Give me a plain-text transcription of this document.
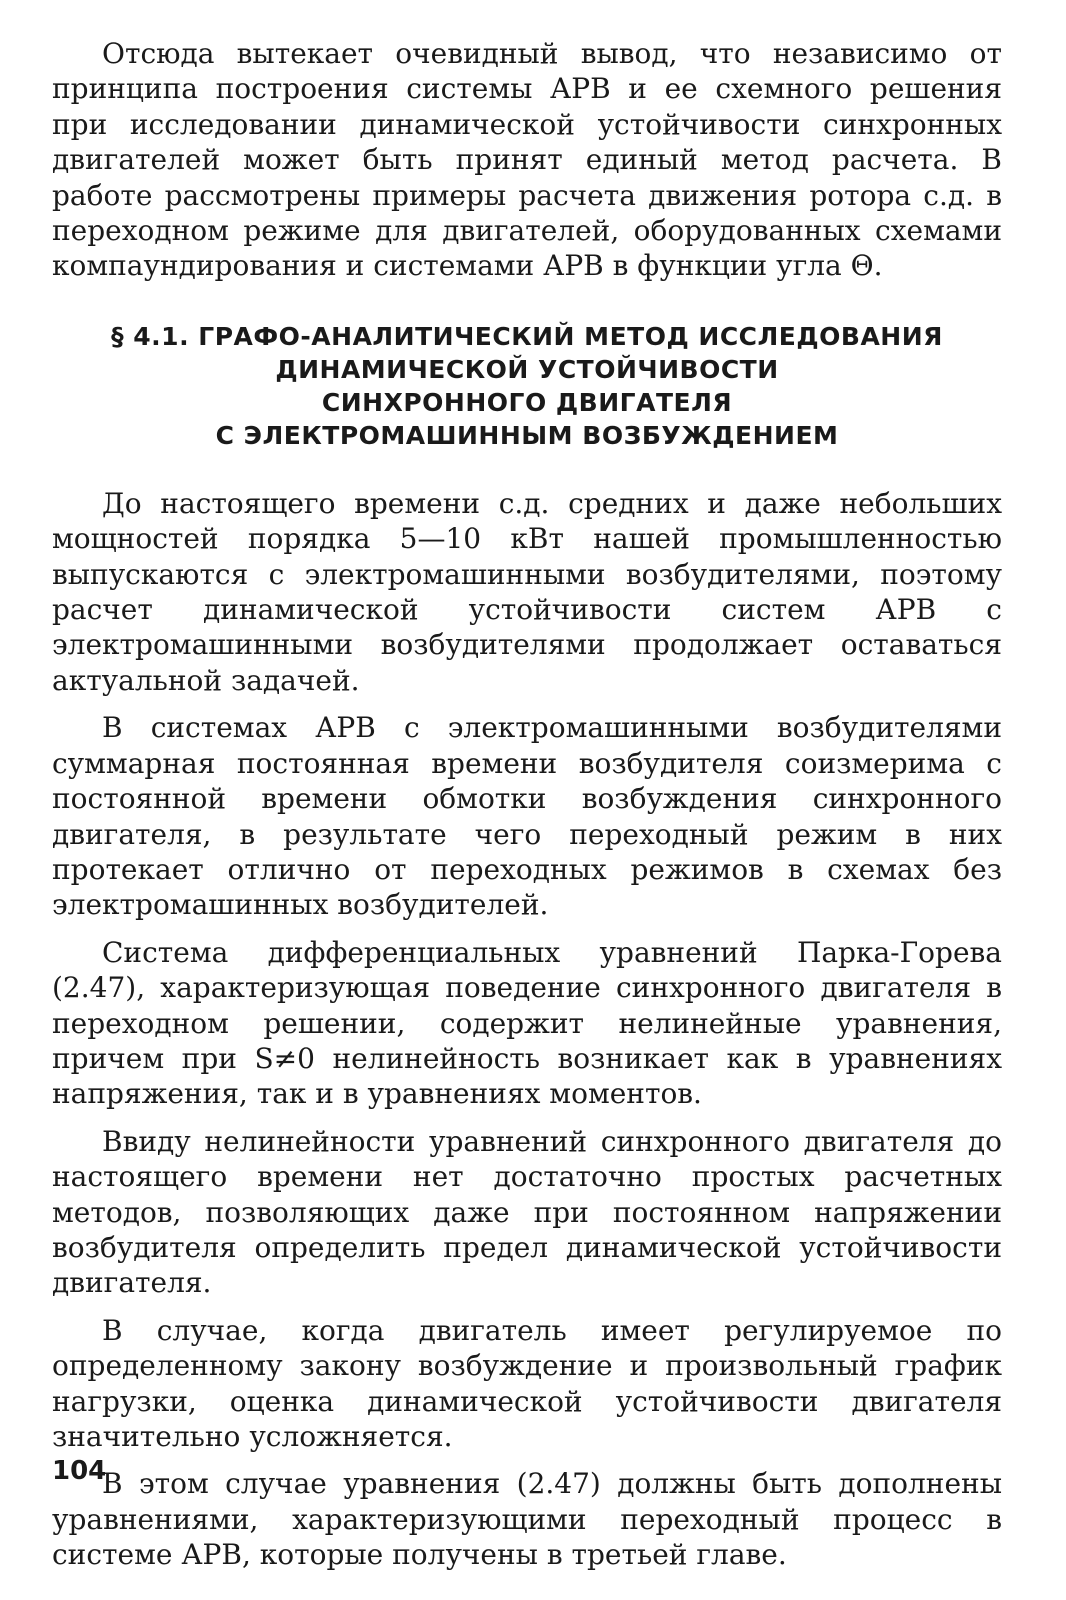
Отсюда вытекает очевидный вывод, что независимо от принципа построения системы АРВ и ее схемного решения при исследовании динамической устойчивости синхронных двигателей может быть принят единый метод расчета. В работе рассмотрены примеры расчета движения ротора с.д. в переходном режиме для двигателей, оборудованных схемами компаундирования и системами АРВ в функции угла Θ.

§ 4.1. ГРАФО-АНАЛИТИЧЕСКИЙ МЕТОД ИССЛЕДОВАНИЯ
ДИНАМИЧЕСКОЙ УСТОЙЧИВОСТИ
СИНХРОННОГО ДВИГАТЕЛЯ
С ЭЛЕКТРОМАШИННЫМ ВОЗБУЖДЕНИЕМ

До настоящего времени с.д. средних и даже небольших мощностей порядка 5—10 кВт нашей промышленностью выпускаются с электромашинными возбудителями, поэтому расчет динамической устойчивости систем АРВ с электромашинными возбудителями продолжает оставаться актуальной задачей.

В системах АРВ с электромашинными возбудителями суммарная постоянная времени возбудителя соизмерима с постоянной времени обмотки возбуждения синхронного двигателя, в результате чего переходный режим в них протекает отлично от переходных режимов в схемах без электромашинных возбудителей.

Система дифференциальных уравнений Парка-Горева (2.47), характеризующая поведение синхронного двигателя в переходном решении, содержит нелинейные уравнения, причем при S≠0 нелинейность возникает как в уравнениях напряжения, так и в уравнениях моментов.

Ввиду нелинейности уравнений синхронного двигателя до настоящего времени нет достаточно простых расчетных методов, позволяющих даже при постоянном напряжении возбудителя определить предел динамической устойчивости двигателя.

В случае, когда двигатель имеет регулируемое по определенному закону возбуждение и произвольный график нагрузки, оценка динамической устойчивости двигателя значительно усложняется.

В этом случае уравнения (2.47) должны быть дополнены уравнениями, характеризующими переходный процесс в системе АРВ, которые получены в третьей главе.

104
